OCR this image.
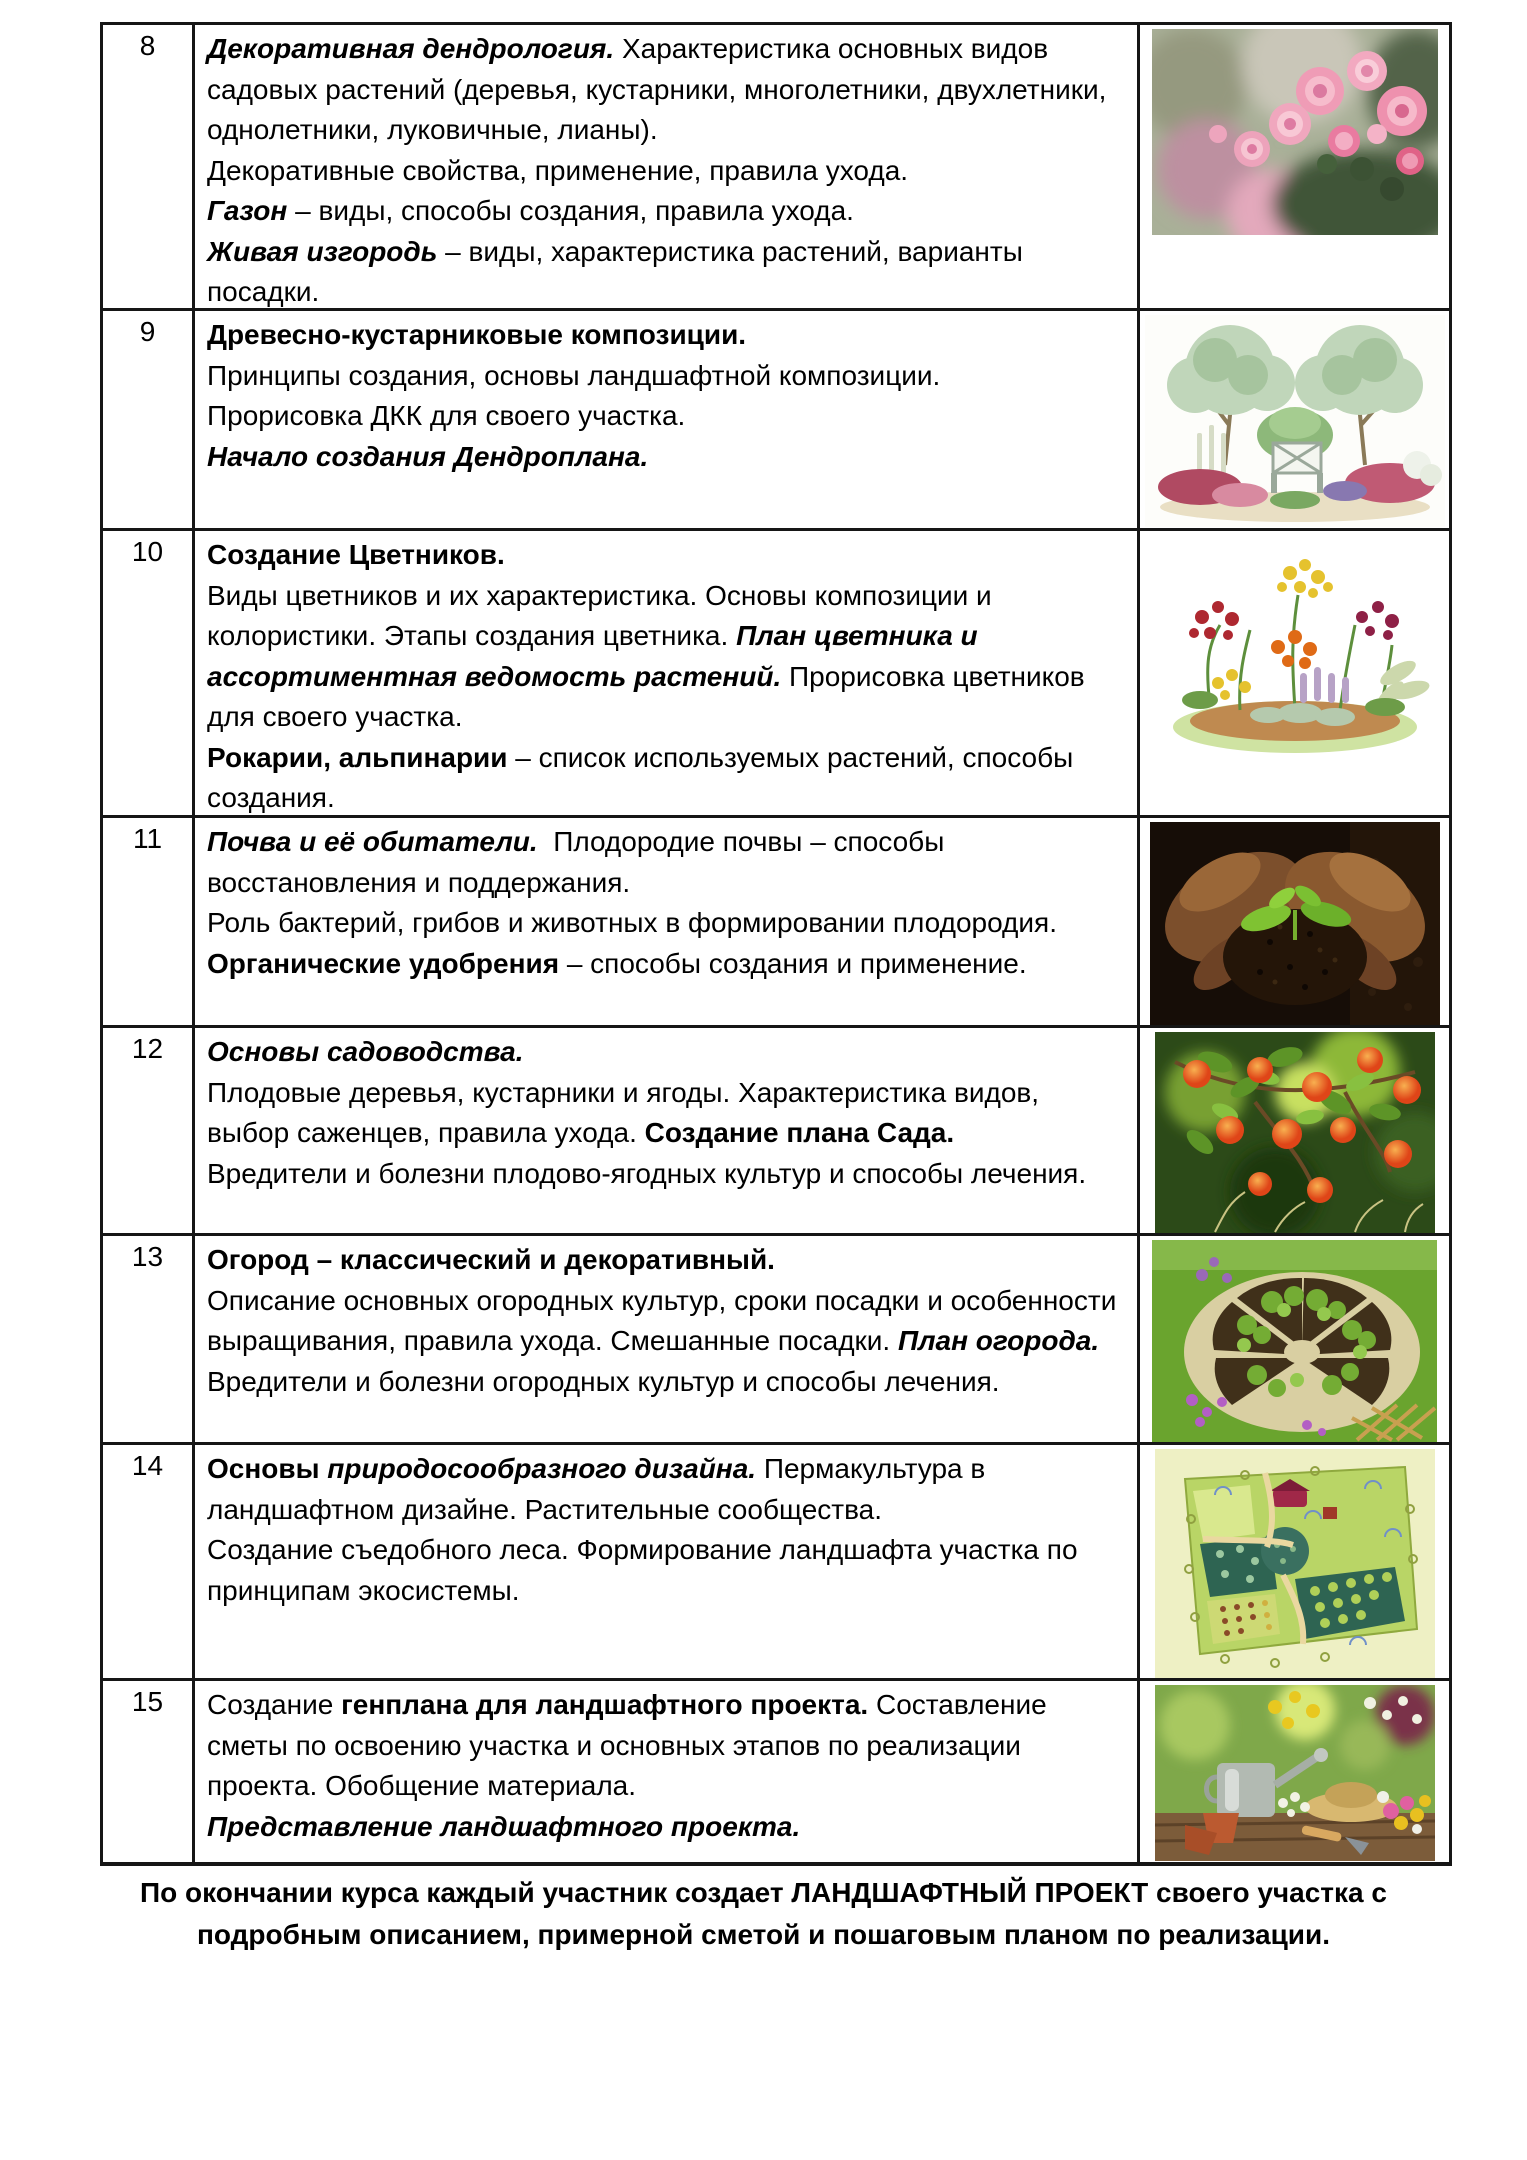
8	Декоративная дендрология. Характеристика основных видов садовых растений (деревья, кустарники, многолетники, двухлетники, однолетники, луковичные, лианы).
Декоративные свойства, применение, правила ухода.
Газон – виды, способы создания, правила ухода.
Живая изгородь – виды, характеристика растений, варианты посадки.
9	Древесно-кустарниковые композиции.
Принципы создания, основы ландшафтной композиции.
Прорисовка ДКК для своего участка.
Начало создания Дендроплана.
10	Создание Цветников.
Виды цветников и их характеристика. Основы композиции и колористики. Этапы создания цветника. План цветника и ассортиментная ведомость растений. Прорисовка цветников для своего участка.
Рокарии, альпинарии – список используемых растений, способы создания.
11	Почва и её обитатели.  Плодородие почвы – способы восстановления и поддержания.
Роль бактерий, грибов и животных в формировании плодородия. Органические удобрения – способы создания и применение.
12	Основы садоводства.
Плодовые деревья, кустарники и ягоды. Характеристика видов, выбор саженцев, правила ухода. Создание плана Сада.
Вредители и болезни плодово-ягодных культур и способы лечения.
13	Огород – классический и декоративный.
Описание основных огородных культур, сроки посадки и особенности выращивания, правила ухода. Смешанные посадки. План огорода.
Вредители и болезни огородных культур и способы лечения.
14	Основы природосообразного дизайна. Пермакультура в ландшафтном дизайне. Растительные сообщества.
Создание съедобного леса. Формирование ландшафта участка по принципам экосистемы.
15	Создание генплана для ландшафтного проекта. Составление сметы по освоению участка и основных этапов по реализации проекта. Обобщение материала.
Представление ландшафтного проекта.
По окончании курса каждый участник создает ЛАНДШАФТНЫЙ ПРОЕКТ своего участка с
подробным описанием, примерной сметой и пошаговым планом по реализации.
